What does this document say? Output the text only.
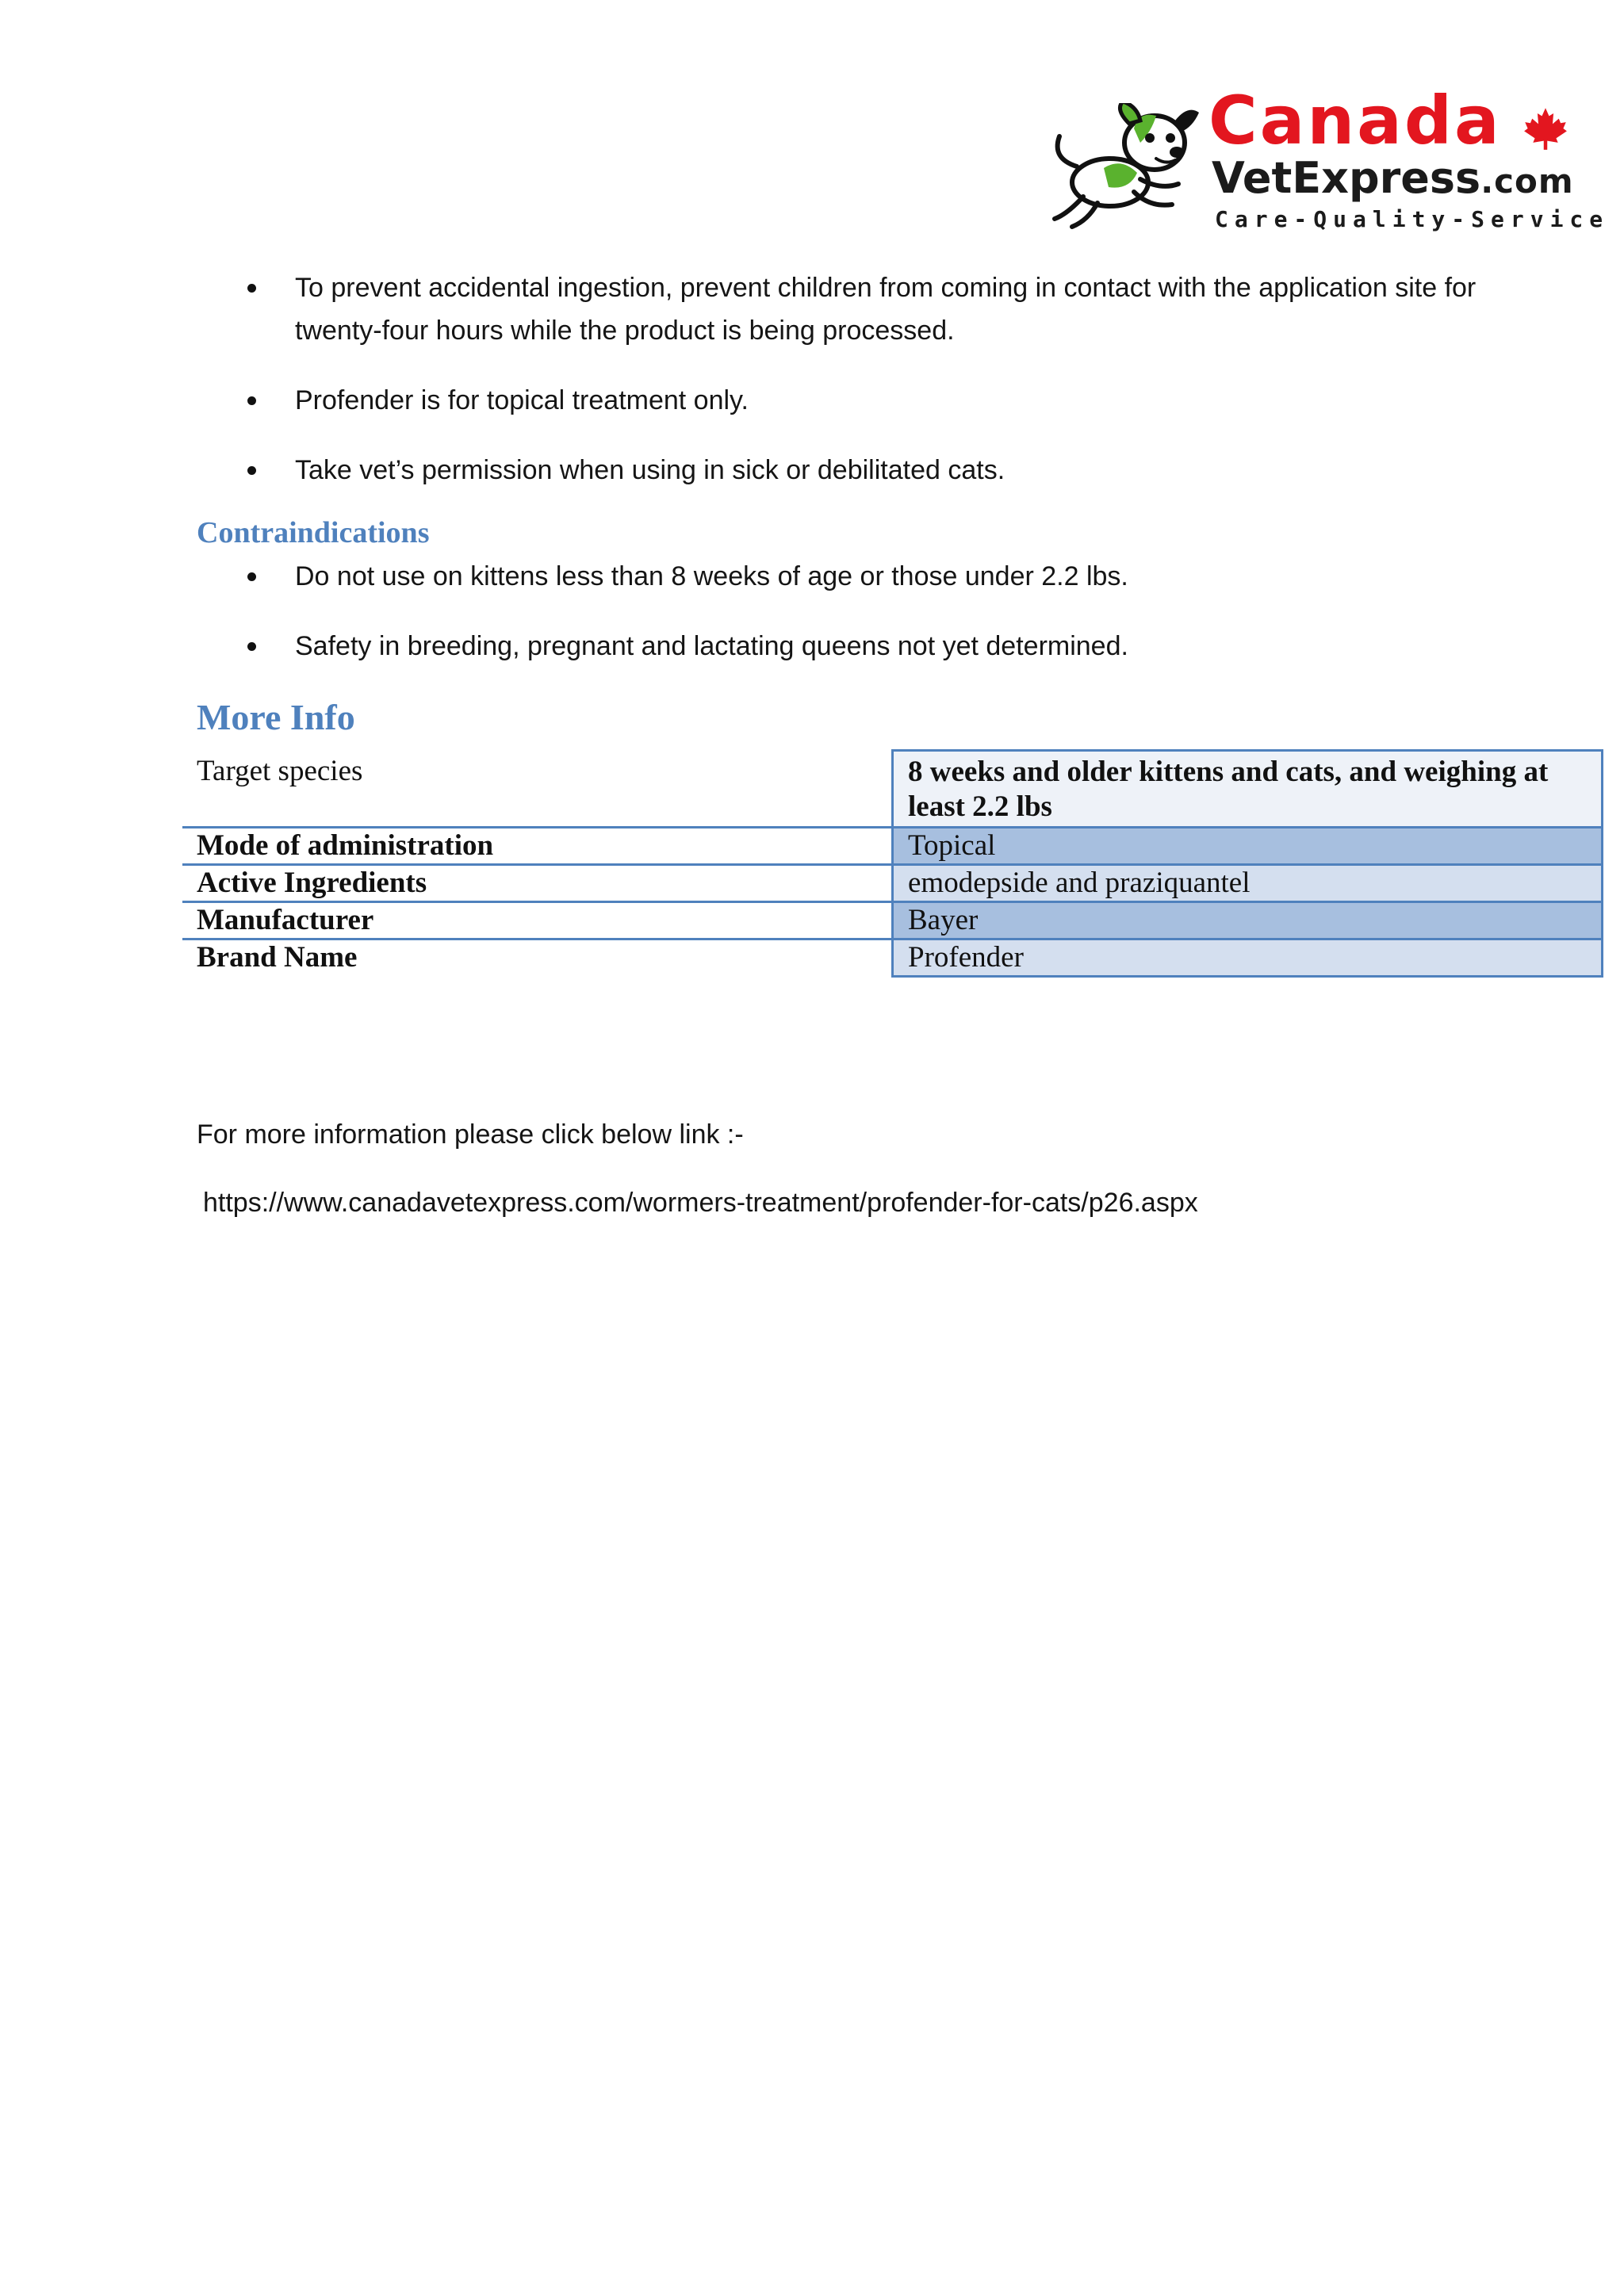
Canada
VetExpress.com
Care-Quality-Service
To prevent accidental ingestion, prevent children from coming in contact with the application site for twenty-four hours while the product is being processed.
Profender is for topical treatment only.
Take vet’s permission when using in sick or debilitated cats.
Contraindications
Do not use on kittens less than 8 weeks of age or those under 2.2 lbs.
Safety in breeding, pregnant and lactating queens not yet determined.
More Info
Target species	8 weeks and older kittens and cats, and weighing at least 2.2 lbs
Mode of administration	Topical
Active Ingredients	emodepside and praziquantel
Manufacturer	Bayer
Brand Name	Profender

For more information please click below link :-

https://www.canadavetexpress.com/wormers-treatment/profender-for-cats/p26.aspx
